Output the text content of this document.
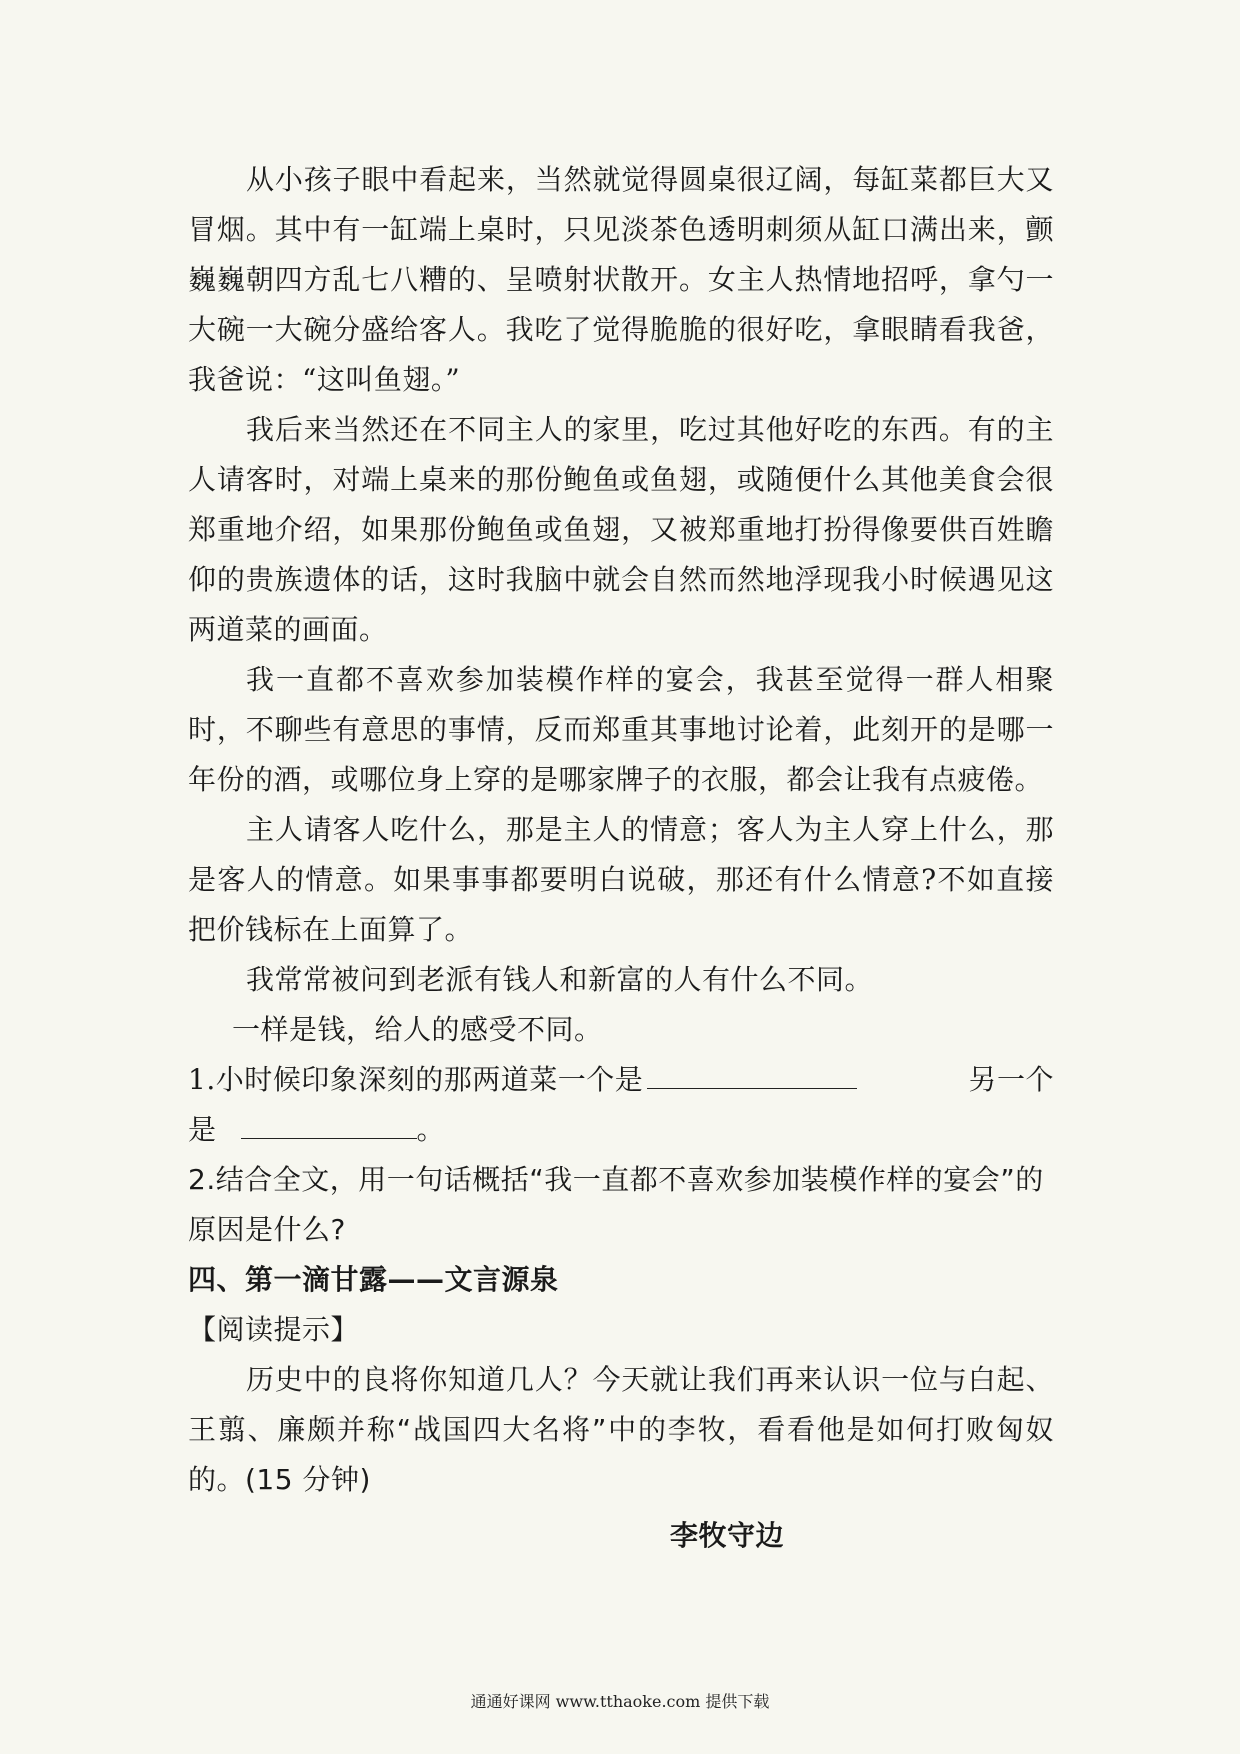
从小孩子眼中看起来，当然就觉得圆桌很辽阔，每缸菜都巨大又冒烟。其中有一缸端上桌时，只见淡茶色透明刺须从缸口满出来，颤巍巍朝四方乱七八糟的、呈喷射状散开。女主人热情地招呼，拿勺一大碗一大碗分盛给客人。我吃了觉得脆脆的很好吃，拿眼睛看我爸，我爸说：“这叫鱼翅。”

我后来当然还在不同主人的家里，吃过其他好吃的东西。有的主人请客时，对端上桌来的那份鲍鱼或鱼翅，或随便什么其他美食会很郑重地介绍，如果那份鲍鱼或鱼翅，又被郑重地打扮得像要供百姓瞻仰的贵族遗体的话，这时我脑中就会自然而然地浮现我小时候遇见这两道菜的画面。

我一直都不喜欢参加装模作样的宴会，我甚至觉得一群人相聚时，不聊些有意思的事情，反而郑重其事地讨论着，此刻开的是哪一年份的酒，或哪位身上穿的是哪家牌子的衣服，都会让我有点疲倦。

主人请客人吃什么，那是主人的情意；客人为主人穿上什么，那是客人的情意。如果事事都要明白说破，那还有什么情意?不如直接把价钱标在上面算了。

我常常被问到老派有钱人和新富的人有什么不同。

一样是钱，给人的感受不同。

1.小时候印象深刻的那两道菜一个是	另一个

是	。

2.结合全文，用一句话概括“我一直都不喜欢参加装模作样的宴会”的原因是什么?

四、第一滴甘露——文言源泉

【阅读提示】

历史中的良将你知道几人？今天就让我们再来认识一位与白起、王翦、廉颇并称“战国四大名将”中的李牧，看看他是如何打败匈奴的。(15 分钟)

李牧守边

通通好课网 www.tthaoke.com 提供下载
